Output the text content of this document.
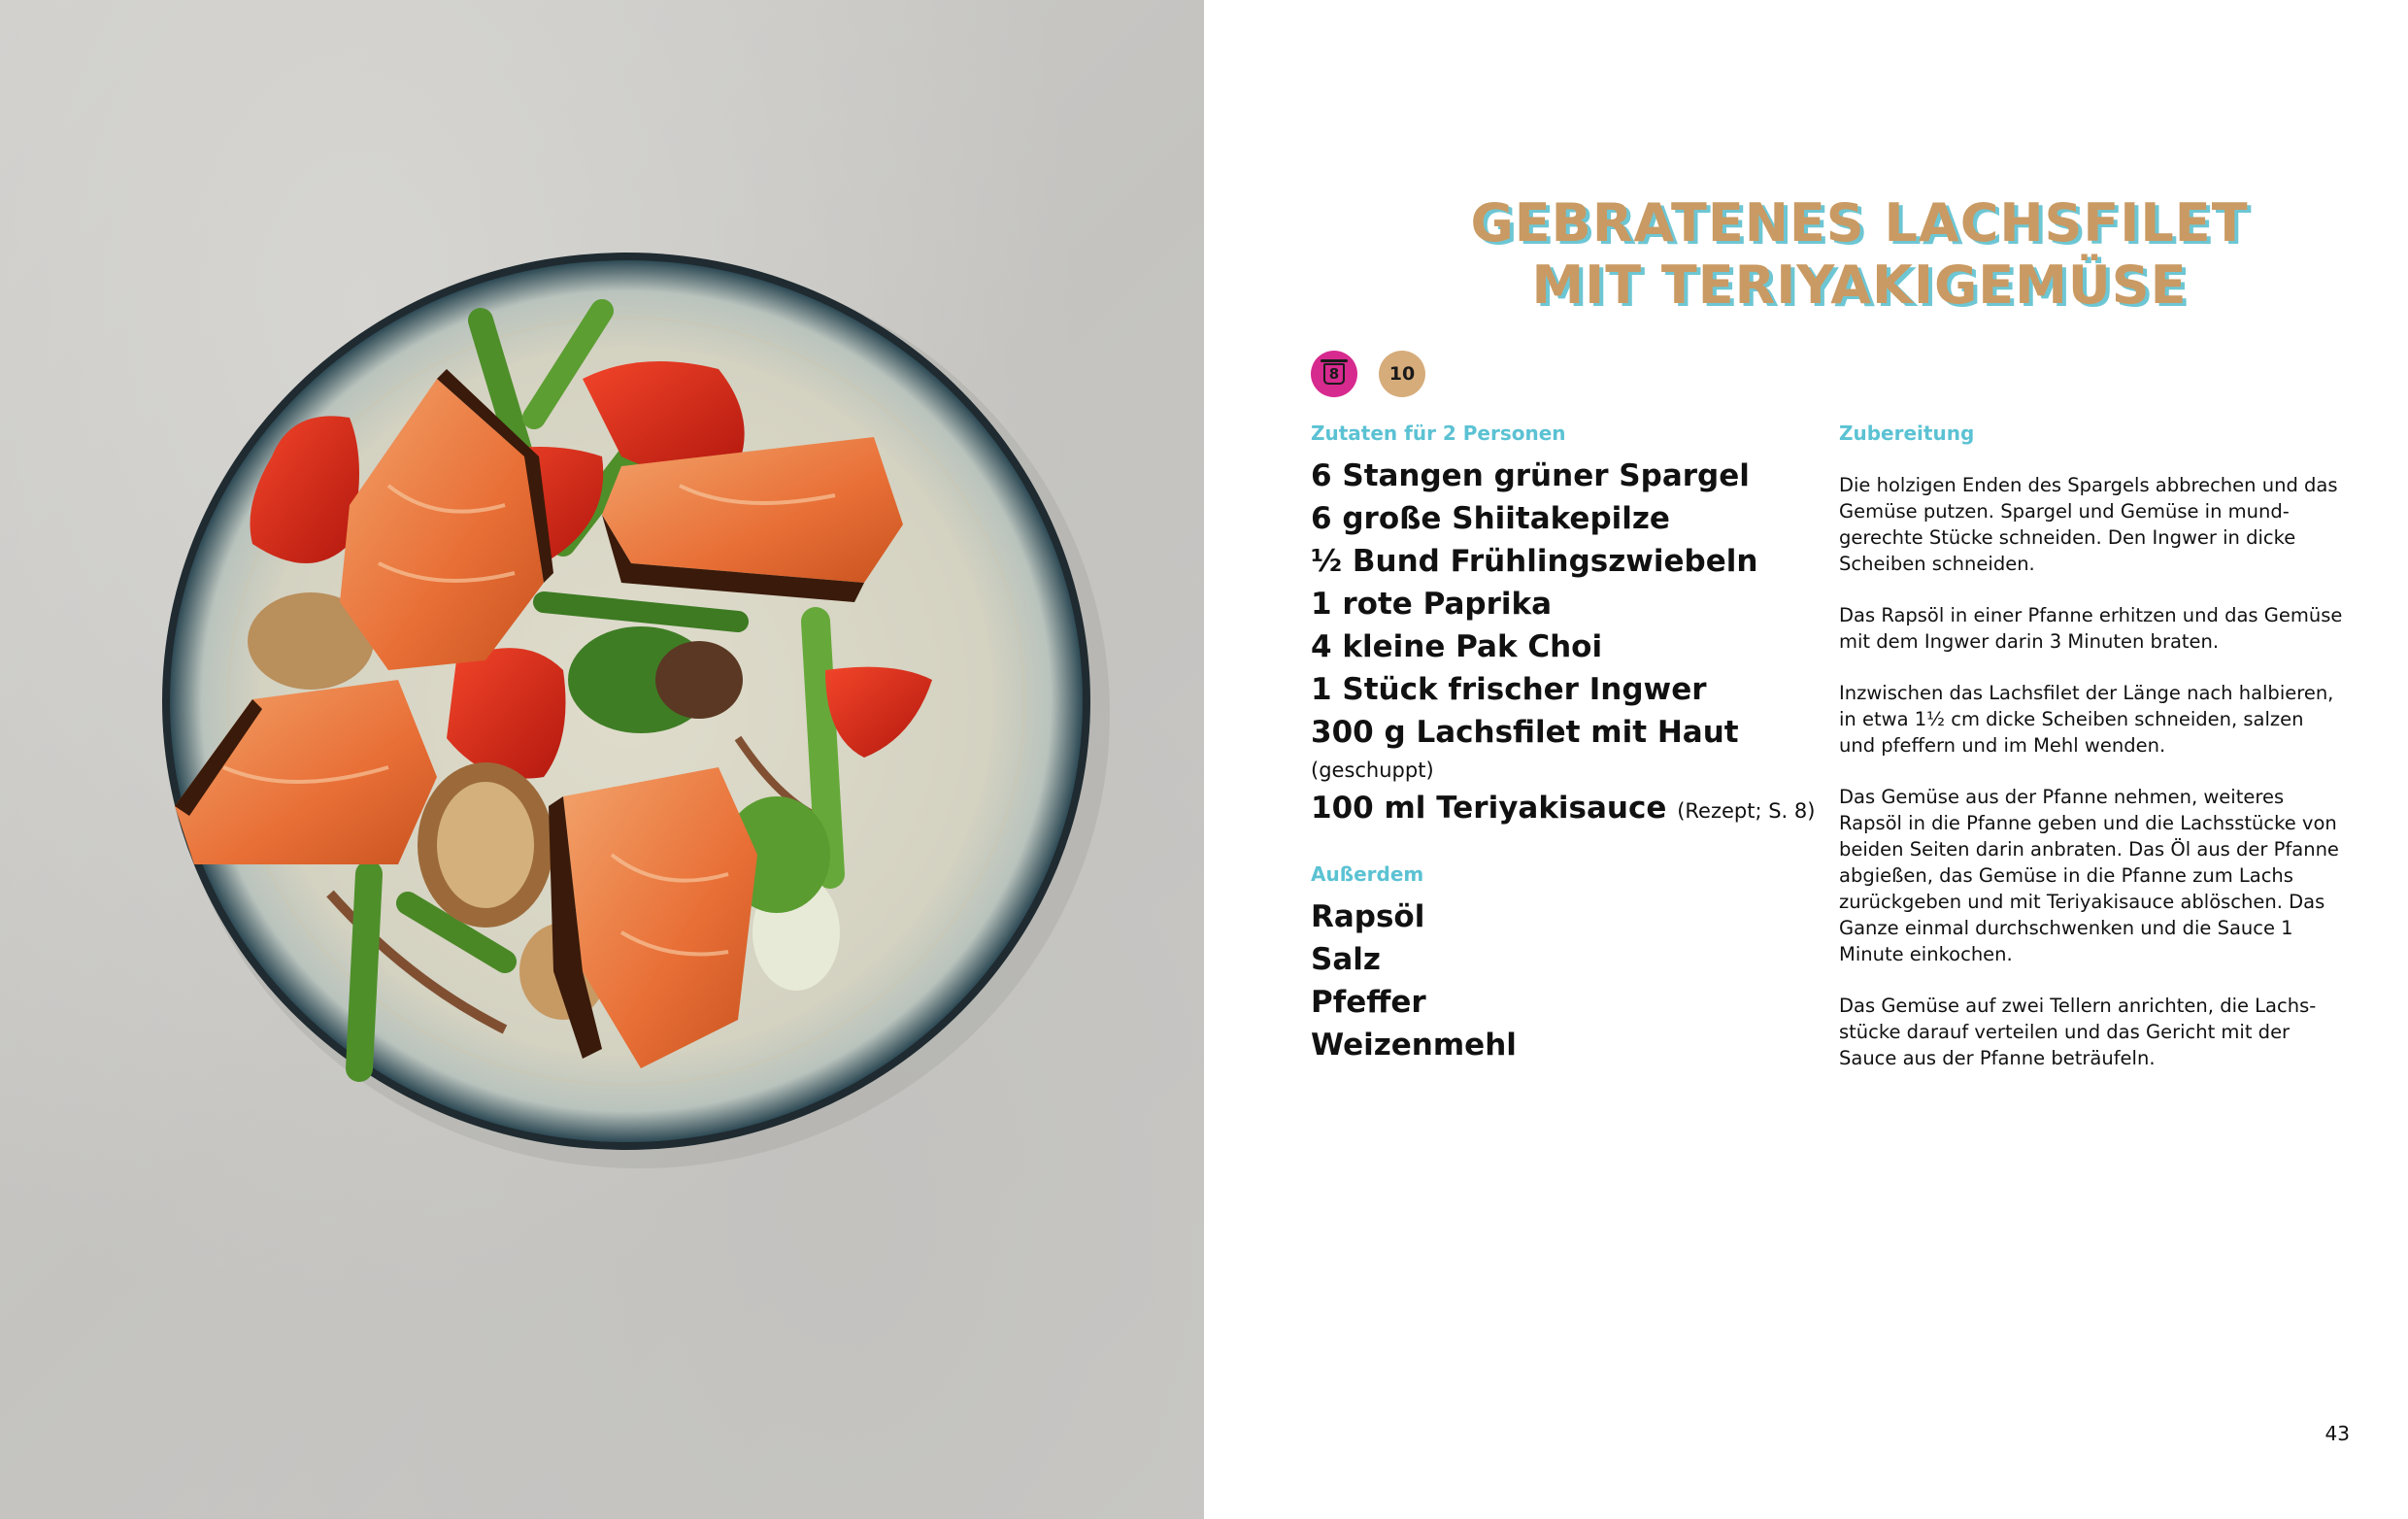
GEBRATENES LACHSFILET
MIT TERIYAKIGEMÜSE
8	10
Zutaten für 2 Personen
6 Stangen grüner Spargel
6 große Shiitakepilze
½ Bund Frühlingszwiebeln
1 rote Paprika
4 kleine Pak Choi
1 Stück frischer Ingwer
300 g Lachsfilet mit Haut
(geschuppt)
100 ml Teriyakisauce (Rezept; S. 8)
Außerdem
Rapsöl
Salz
Pfeffer
Weizenmehl
Zubereitung

Die holzigen Enden des Spargels abbrechen und das Gemüse putzen. Spargel und Gemüse in mundgerechte Stücke schneiden. Den Ingwer in dicke Scheiben schneiden.

Das Rapsöl in einer Pfanne erhitzen und das Gemüse mit dem Ingwer darin 3 Minuten braten.

Inzwischen das Lachsfilet der Länge nach halbieren, in etwa 1½ cm dicke Scheiben schneiden, salzen und pfeffern und im Mehl wenden.

Das Gemüse aus der Pfanne nehmen, weiteres Rapsöl in die Pfanne geben und die Lachsstücke von beiden Seiten darin anbraten. Das Öl aus der Pfanne abgießen, das Gemüse in die Pfanne zum Lachs zurückgeben und mit Teriyakisauce ablöschen. Das Ganze einmal durchschwenken und die Sauce 1 Minute einkochen.

Das Gemüse auf zwei Tellern anrichten, die Lachsstücke darauf verteilen und das Gericht mit der Sauce aus der Pfanne beträufeln.

43
